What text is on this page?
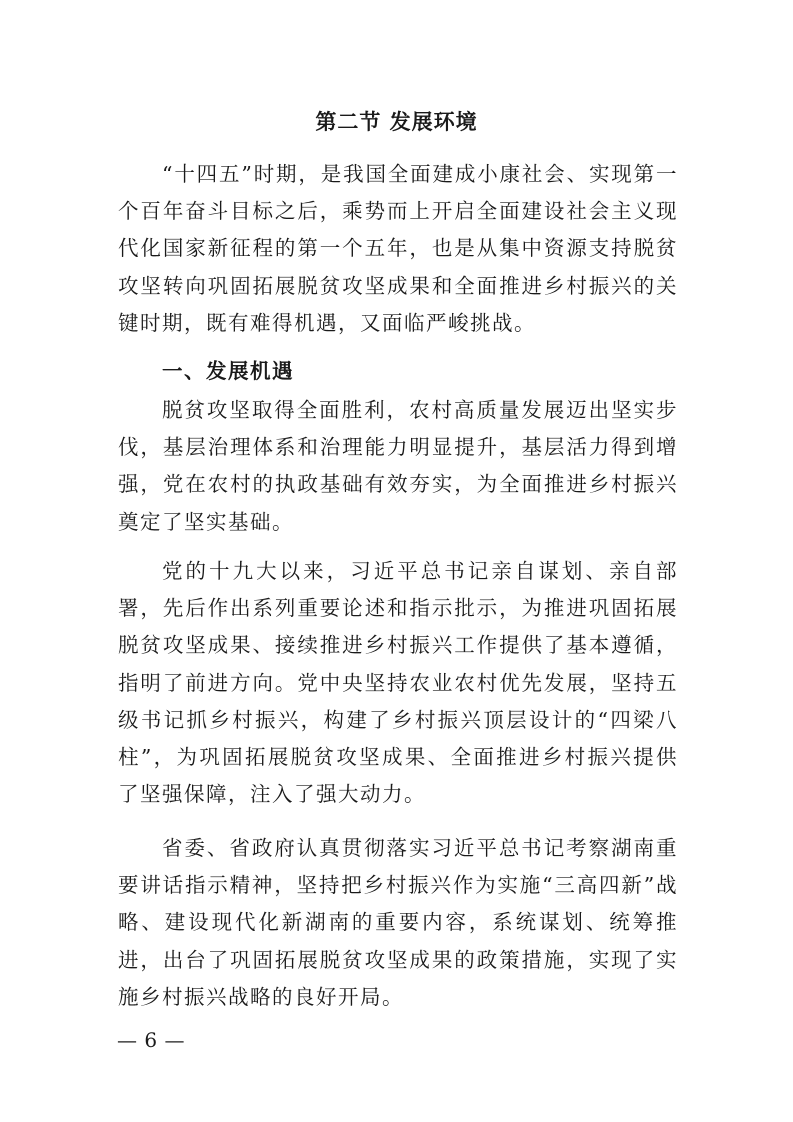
第二节 发展环境
“十四五”时期，是我国全面建成小康社会、实现第一个百年奋斗目标之后，乘势而上开启全面建设社会主义现代化国家新征程的第一个五年，也是从集中资源支持脱贫攻坚转向巩固拓展脱贫攻坚成果和全面推进乡村振兴的关键时期，既有难得机遇，又面临严峻挑战。
一、发展机遇
脱贫攻坚取得全面胜利，农村高质量发展迈出坚实步伐，基层治理体系和治理能力明显提升，基层活力得到增强，党在农村的执政基础有效夯实，为全面推进乡村振兴奠定了坚实基础。
党的十九大以来，习近平总书记亲自谋划、亲自部署，先后作出系列重要论述和指示批示，为推进巩固拓展脱贫攻坚成果、接续推进乡村振兴工作提供了基本遵循，指明了前进方向。党中央坚持农业农村优先发展，坚持五级书记抓乡村振兴，构建了乡村振兴顶层设计的“四梁八柱”，为巩固拓展脱贫攻坚成果、全面推进乡村振兴提供了坚强保障，注入了强大动力。
省委、省政府认真贯彻落实习近平总书记考察湖南重要讲话指示精神，坚持把乡村振兴作为实施“三高四新”战略、建设现代化新湖南的重要内容，系统谋划、统筹推进，出台了巩固拓展脱贫攻坚成果的政策措施，实现了实施乡村振兴战略的良好开局。
— 6 —
